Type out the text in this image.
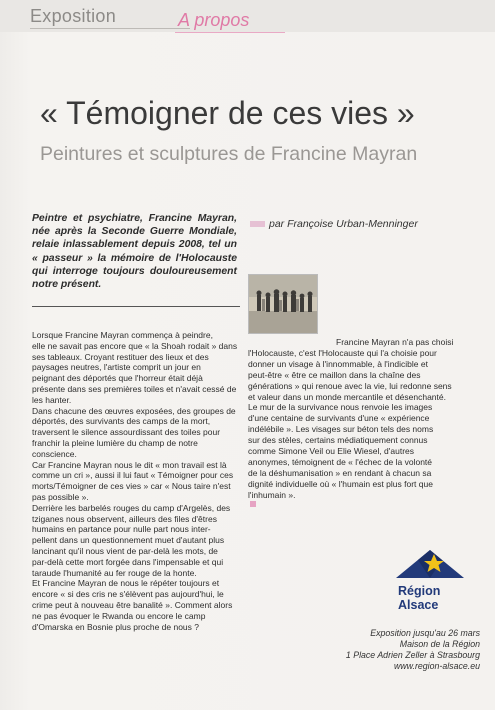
Exposition	A propos
« Témoigner de ces vies »
Peintures et sculptures de Francine Mayran

Peintre et psychiatre, Francine Mayran, née après la Seconde Guerre Mondiale, relaie inlassablement depuis 2008, tel un « passeur » la mémoire de l'Holocauste qui interroge toujours douloureusement notre présent.

par Françoise Urban-Menninger

Lorsque Francine Mayran commença à peindre,
elle ne savait pas encore que « la Shoah rodait » dans
ses tableaux. Croyant restituer des lieux et des
paysages neutres, l'artiste comprit un jour en
peignant des déportés que l'horreur était déjà
présente dans ses premières toiles et n'avait cessé de
les hanter.
Dans chacune des œuvres exposées, des groupes de
déportés, des survivants des camps de la mort,
traversent le silence assourdissant des toiles pour
franchir la pleine lumière du champ de notre
conscience.
Car Francine Mayran nous le dit « mon travail est là
comme un cri », aussi il lui faut « Témoigner pour ces
morts/Témoigner de ces vies » car « Nous taire n'est
pas possible ».
Derrière les barbelés rouges du camp d'Argelès, des
tziganes nous observent, ailleurs des files d'êtres
humains en partance pour nulle part nous inter-
pellent dans un questionnement muet d'autant plus
lancinant qu'il nous vient de par-delà les mots, de
par-delà cette mort forgée dans l'impensable et qui
taraude l'humanité au fer rouge de la honte.
Et Francine Mayran de nous le répéter toujours et
encore « si des cris ne s'élèvent pas aujourd'hui, le
crime peut à nouveau être banalité ». Comment alors
ne pas évoquer le Rwanda ou encore le camp
d'Omarska en Bosnie plus proche de nous ?

Francine Mayran n'a pas choisi
l'Holocauste, c'est l'Holocauste qui l'a choisie pour
donner un visage à l'innommable, à l'indicible et
peut-être « être ce maillon dans la chaîne des
générations » qui renoue avec la vie, lui redonne sens
et valeur dans un monde mercantile et désenchanté.
Le mur de la survivance nous renvoie les images
d'une centaine de survivants d'une « expérience
indélébile ». Les visages sur béton tels des noms
sur des stèles, certains médiatiquement connus
comme Simone Veil ou Elie Wiesel, d'autres
anonymes, témoignent de « l'échec de la volonté
de la déshumanisation » en rendant à chacun sa
dignité individuelle où « l'humain est plus fort que
l'inhumain ».

Région
Alsace
Exposition jusqu'au 26 mars
Maison de la Région
1 Place Adrien Zeller à Strasbourg
www.region-alsace.eu
